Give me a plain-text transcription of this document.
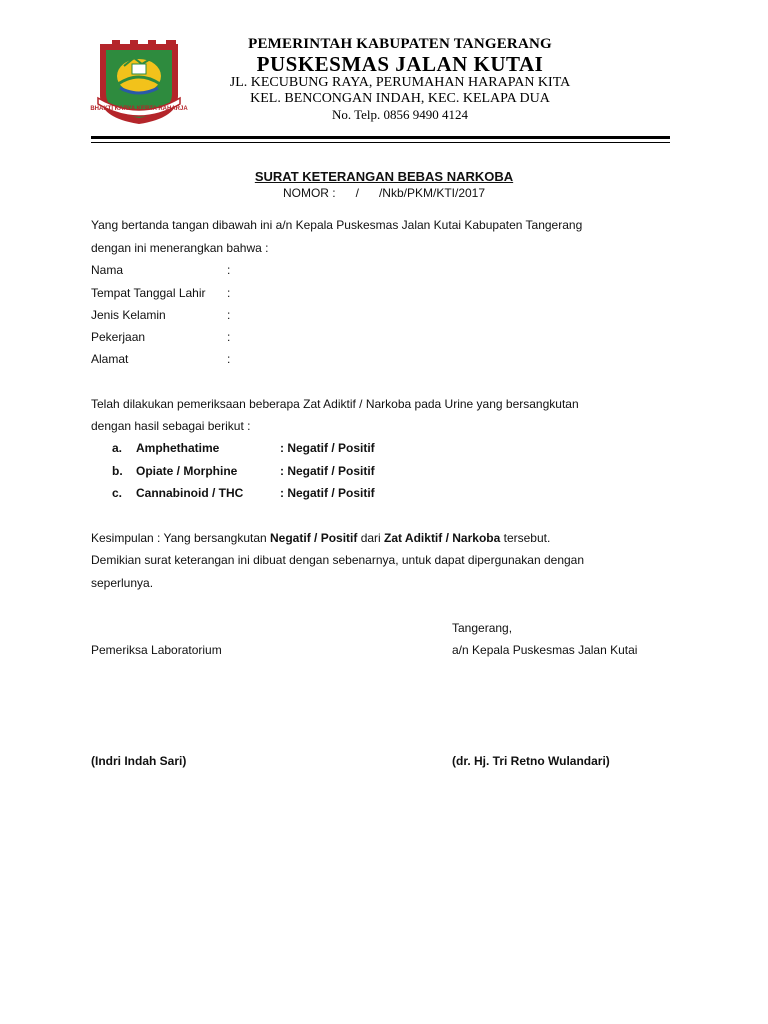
BHAKTI KARYA KERTA RAHARJA
PEMERINTAH KABUPATEN TANGERANG
PUSKESMAS JALAN KUTAI
JL. KECUBUNG RAYA, PERUMAHAN HARAPAN KITA
KEL. BENCONGAN INDAH, KEC. KELAPA DUA
No. Telp. 0856 9490 4124
SURAT KETERANGAN BEBAS NARKOBA
NOMOR :      /      /Nkb/PKM/KTI/2017
Yang bertanda tangan dibawah ini a/n Kepala Puskesmas Jalan Kutai Kabupaten Tangerang
dengan ini menerangkan bahwa :
Nama	:
Tempat Tanggal Lahir :
Jenis Kelamin	:
Pekerjaan	:
Alamat	:
Telah dilakukan pemeriksaan beberapa Zat Adiktif / Narkoba pada Urine yang bersangkutan
dengan hasil sebagai berikut :
a. Amphethatime	: Negatif / Positif
b. Opiate / Morphine	: Negatif / Positif
c. Cannabinoid / THC	: Negatif / Positif
Kesimpulan : Yang bersangkutan Negatif / Positif dari Zat Adiktif / Narkoba tersebut.
Demikian surat keterangan ini dibuat dengan sebenarnya, untuk dapat dipergunakan dengan
seperlunya.
Tangerang,
Pemeriksa Laboratorium	a/n Kepala Puskesmas Jalan Kutai
(Indri Indah Sari)	(dr. Hj. Tri Retno Wulandari)
